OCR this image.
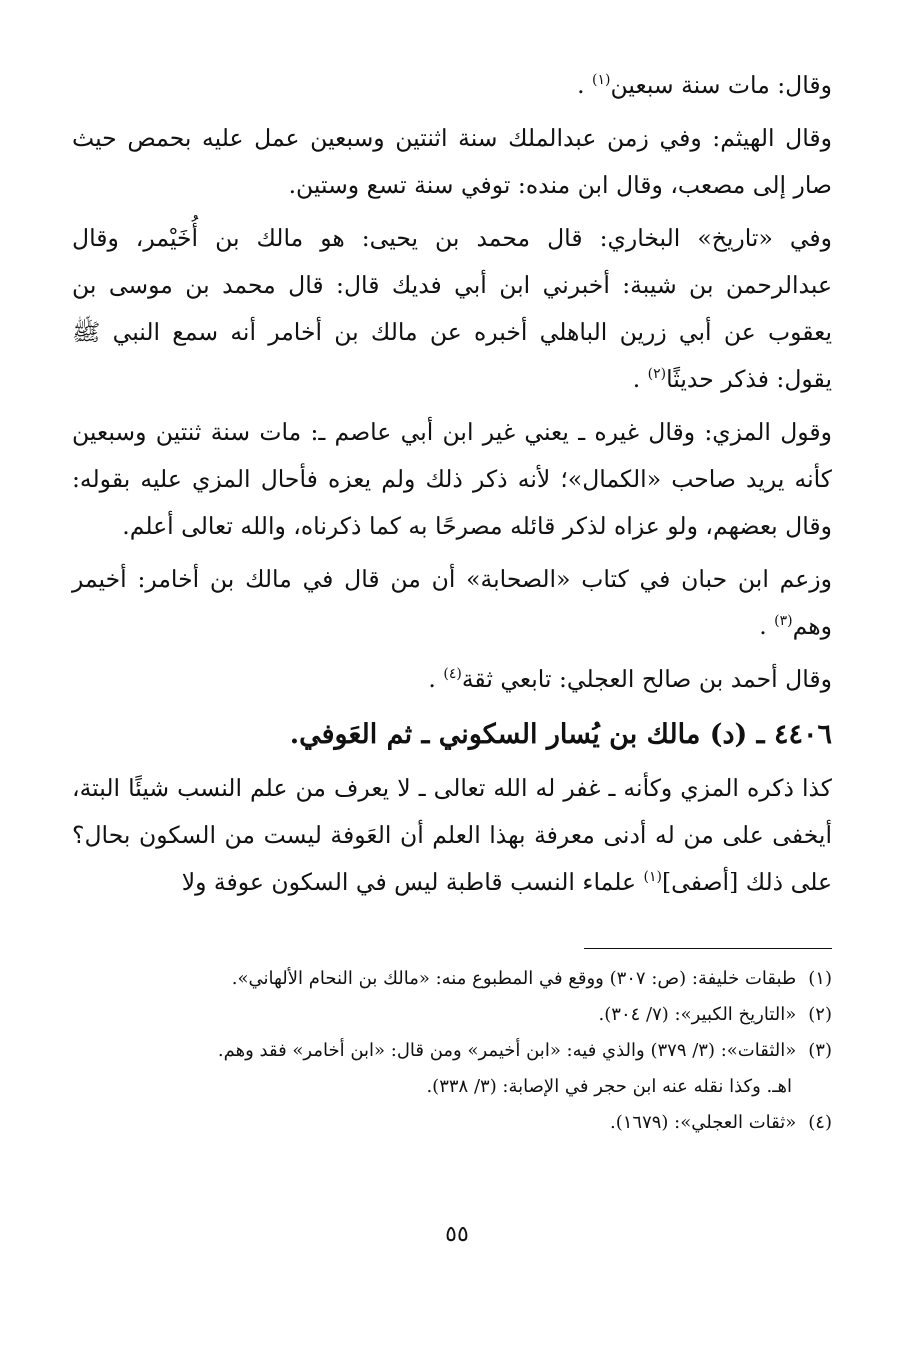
وقال: مات سنة سبعين$^{(١)}$ .

وقال الهيثم: وفي زمن عبدالملك سنة اثنتين وسبعين عمل عليه بحمص حيث صار إلى مصعب، وقال ابن منده: توفي سنة تسع وستين.

وفي «تاريخ» البخاري: قال محمد بن يحيى: هو مالك بن أُخَيْمر، وقال عبدالرحمن بن شيبة: أخبرني ابن أبي فديك قال: قال محمد بن موسى بن يعقوب عن أبي زرين الباهلي أخبره عن مالك بن أخامر أنه سمع النبي ﷺ يقول: فذكر حديثًا$^{(٢)}$ .

وقول المزي: وقال غيره ـ يعني غير ابن أبي عاصم ـ: مات سنة ثنتين وسبعين كأنه يريد صاحب «الكمال»؛ لأنه ذكر ذلك ولم يعزه فأحال المزي عليه بقوله: وقال بعضهم، ولو عزاه لذكر قائله مصرحًا به كما ذكرناه، والله تعالى أعلم.

وزعم ابن حبان في كتاب «الصحابة» أن من قال في مالك بن أخامر: أخيمر وهم$^{(٣)}$ .

وقال أحمد بن صالح العجلي: تابعي ثقة$^{(٤)}$ .

٤٤٠٦ ـ (د) مالك بن يُسار السكوني ـ ثم العَوفي.

كذا ذكره المزي وكأنه ـ غفر له الله تعالى ـ لا يعرف من علم النسب شيئًا البتة، أيخفى على من له أدنى معرفة بهذا العلم أن العَوفة ليست من السكون بحال؟ على ذلك [أصفى]$^{(١)}$ علماء النسب قاطبة ليس في السكون عوفة ولا

(١) طبقات خليفة: (ص: ٣٠٧) ووقع في المطبوع منه: «مالك بن النحام الألهاني».

(٢) «التاريخ الكبير»: (٧/ ٣٠٤).

(٣) «الثقات»: (٣/ ٣٧٩) والذي فيه: «ابن أخيمر» ومن قال: «ابن أخامر» فقد وهم.

اهـ. وكذا نقله عنه ابن حجر في الإصابة: (٣/ ٣٣٨).

(٤) «ثقات العجلي»: (١٦٧٩).

٥٥
